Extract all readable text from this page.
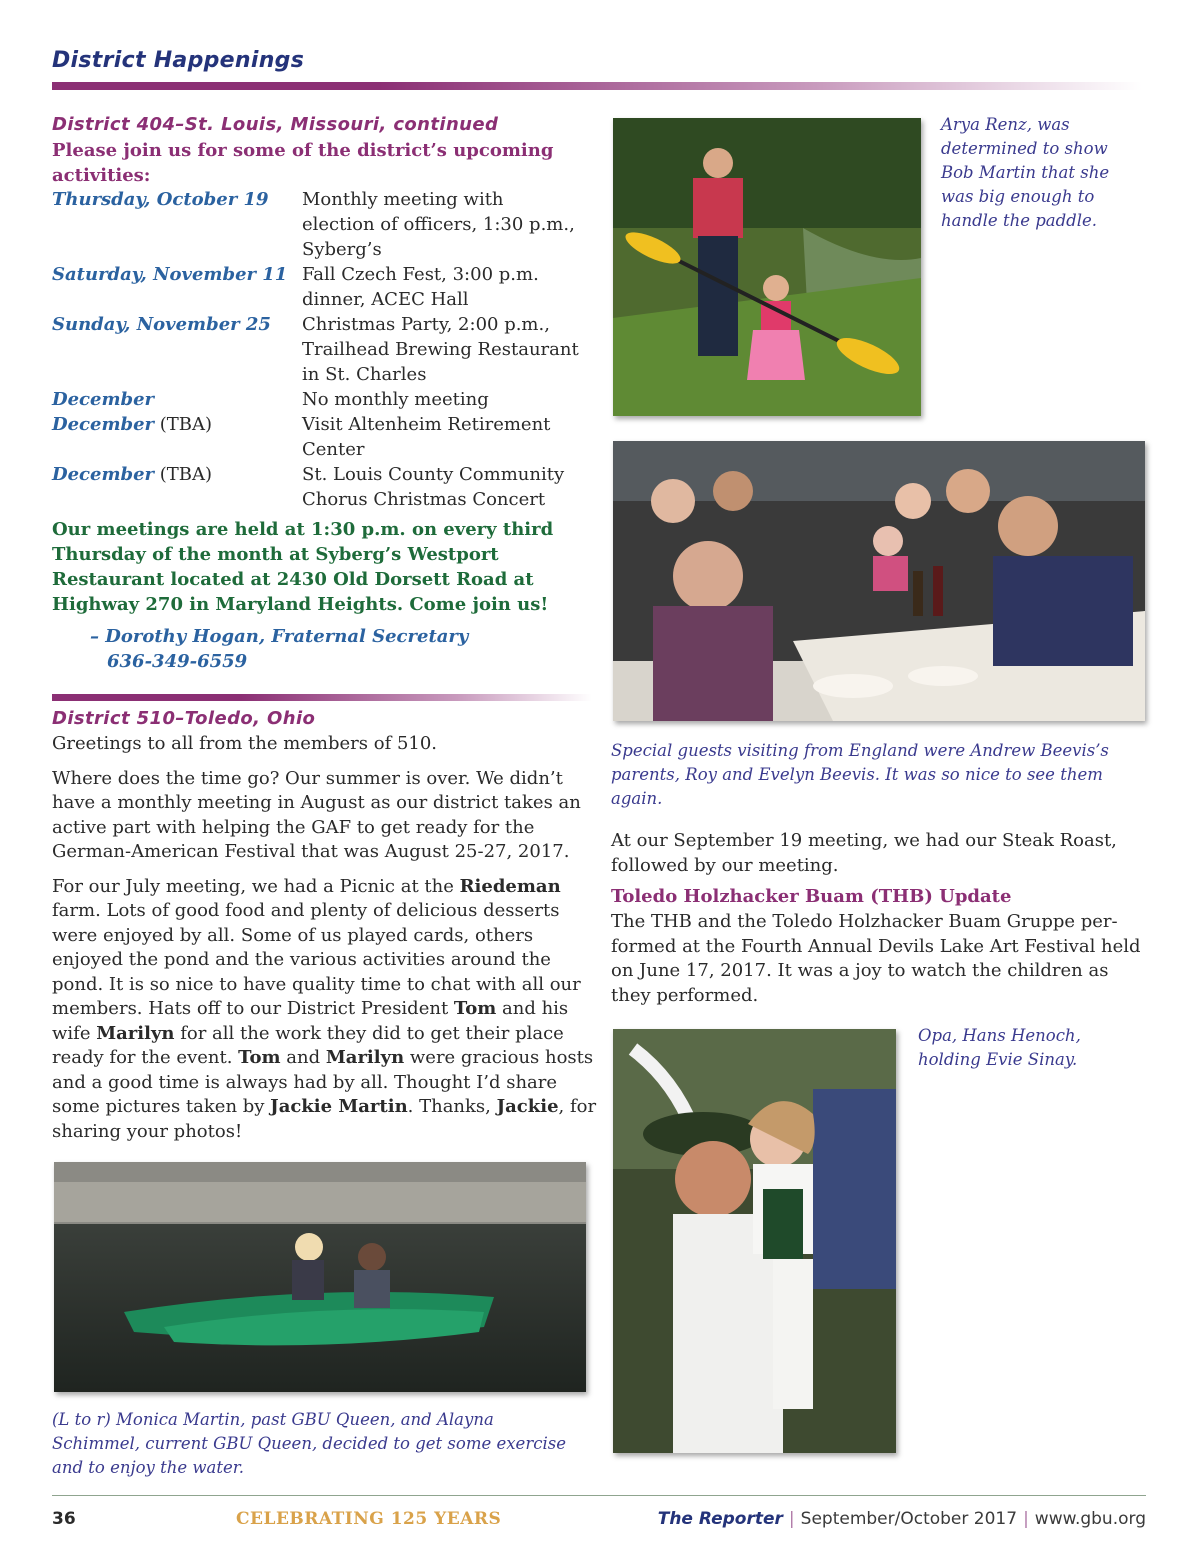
District Happenings
District 404–St. Louis, Missouri, continued
Please join us for some of the district’s upcoming activities:
Thursday, October 19	Monthly meeting with
election of officers, 1:30 p.m.,
Syberg’s
Saturday, November 11 Fall Czech Fest, 3:00 p.m.
dinner, ACEC Hall
Sunday, November 25	Christmas Party, 2:00 p.m.,
Trailhead Brewing Restaurant
in St. Charles
December	No monthly meeting
December (TBA)	Visit Altenheim Retirement
Center
December (TBA)	St. Louis County Community
Chorus Christmas Concert
Our meetings are held at 1:30 p.m. on every third Thursday of the month at Syberg’s Westport Restaurant located at 2430 Old Dorsett Road at Highway 270 in Maryland Heights. Come join us!
– Dorothy Hogan, Fraternal Secretary
636-349-6559
District 510–Toledo, Ohio

Greetings to all from the members of 510.

Where does the time go? Our summer is over. We didn’t have a monthly meeting in August as our district takes an active part with helping the GAF to get ready for the German-American Festival that was August 25-27, 2017.

For our July meeting, we had a Picnic at the Riedeman farm. Lots of good food and plenty of delicious desserts were enjoyed by all. Some of us played cards, others enjoyed the pond and the various activities around the pond. It is so nice to have quality time to chat with all our members. Hats off to our District President Tom and his wife Marilyn for all the work they did to get their place ready for the event. Tom and Marilyn were gracious hosts and a good time is always had by all. Thought I’d share some pictures taken by Jackie Martin. Thanks, Jackie, for sharing your photos!

(L to r) Monica Martin, past GBU Queen, and Alayna Schimmel, current GBU Queen, decided to get some exercise and to enjoy the water.
Arya Renz, was determined to show Bob Martin that she was big enough to handle the paddle.
Special guests visiting from England were Andrew Beevis’s parents, Roy and Evelyn Beevis. It was so nice to see them again.
At our September 19 meeting, we had our Steak Roast, followed by our meeting.
Toledo Holzhacker Buam (THB) Update
The THB and the Toledo Holzhacker Buam Gruppe performed at the Fourth Annual Devils Lake Art Festival held on June 17, 2017. It was a joy to watch the children as they performed.
Opa, Hans Henoch, holding Evie Sinay.
36	CELEBRATING 125 YEARS	The Reporter | September/October 2017 | www.gbu.org
